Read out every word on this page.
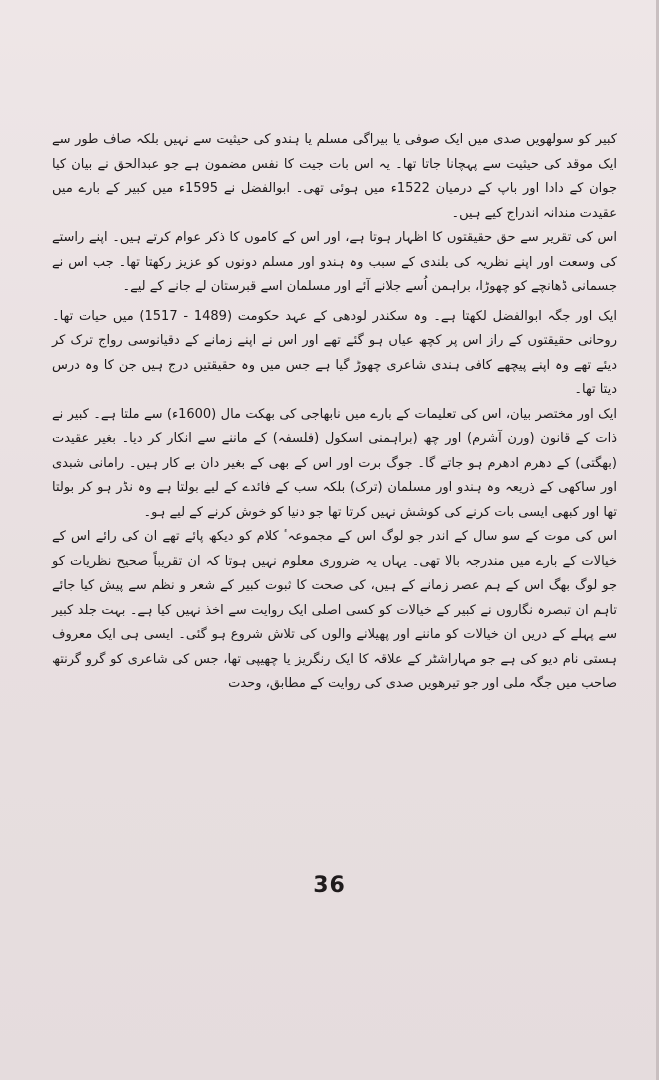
کبیر کو سولھویں صدی میں ایک صوفی یا بیراگی مسلم یا ہندو کی حیثیت سے نہیں بلکہ صاف طور سے ایک موقد کی حیثیت سے پہچانا جاتا تھا۔ یہ اس بات جیت کا نفس مضمون ہے جو عبدالحق نے بیان کیا جوان کے دادا اور باپ کے درمیان 1522ء میں ہوئی تھی۔ ابوالفضل نے 1595ء میں کبیر کے بارے میں عقیدت مندانہ اندراج کیے ہیں۔

اس کی تقریر سے حق حقیقتوں کا اظہار ہوتا ہے، اور اس کے کاموں کا ذکر عوام کرتے ہیں۔ اپنے راستے کی وسعت اور اپنے نظریہ کی بلندی کے سبب وہ ہندو اور مسلم دونوں کو عزیز رکھتا تھا۔ جب اس نے جسمانی ڈھانچے کو چھوڑا، براہمن اُسے جلانے آئے اور مسلمان اسے قبرستان لے جانے کے لیے۔

ایک اور جگہ ابوالفضل لکھتا ہے۔ وہ سکندر لودھی کے عہد حکومت (1489 - 1517) میں حیات تھا۔ روحانی حقیقتوں کے راز اس پر کچھ عیاں ہو گئے تھے اور اس نے اپنے زمانے کے دقیانوسی رواج ترک کر دیئے تھے وہ اپنے پیچھے کافی ہندی شاعری چھوڑ گیا ہے جس میں وہ حقیقتیں درج ہیں جن کا وہ درس دیتا تھا۔

ایک اور مختصر بیان، اس کی تعلیمات کے بارے میں نابھاجی کی بھکت مال (1600ء) سے ملتا ہے۔ کبیر نے ذات کے قانون (ورن آشرم) اور چھ (براہمنی اسکول (فلسفہ) کے ماننے سے انکار کر دیا۔ بغیر عقیدت (بھگتی) کے دھرم ادھرم ہو جاتے گا۔ جوگ برت اور اس کے بھی کے بغیر دان بے کار ہیں۔ رامانی شبدی اور ساکھی کے ذریعہ وہ ہندو اور مسلمان (ترک) بلکہ سب کے فائدے کے لیے بولتا ہے وہ نڈر ہو کر بولتا تھا اور کبھی ایسی بات کرنے کی کوشش نہیں کرتا تھا جو دنیا کو خوش کرنے کے لیے ہو۔

اس کی موت کے سو سال کے اندر جو لوگ اس کے مجموعہٴ کلام کو دیکھ پائے تھے ان کی رائے اس کے خیالات کے بارے میں مندرجہ بالا تھی۔ یہاں یہ ضروری معلوم نہیں ہوتا کہ ان تقریباً صحیح نظریات کو جو لوگ بھگ اس کے ہم عصر زمانے کے ہیں، کی صحت کا ثبوت کبیر کے شعر و نظم سے پیش کیا جائے تاہم ان تبصرہ نگاروں نے کبیر کے خیالات کو کسی اصلی ایک روایت سے اخذ نہیں کیا ہے۔ بہت جلد کبیر سے پہلے کے دریں ان خیالات کو ماننے اور پھیلانے والوں کی تلاش شروع ہو گئی۔ ایسی ہی ایک معروف ہستی نام دیو کی ہے جو مہاراشٹر کے علاقہ کا ایک رنگریز یا چھیپی تھا، جس کی شاعری کو گرو گرنتھ صاحب میں جگہ ملی اور جو تیرھویں صدی کی روایت کے مطابق، وحدت

36
